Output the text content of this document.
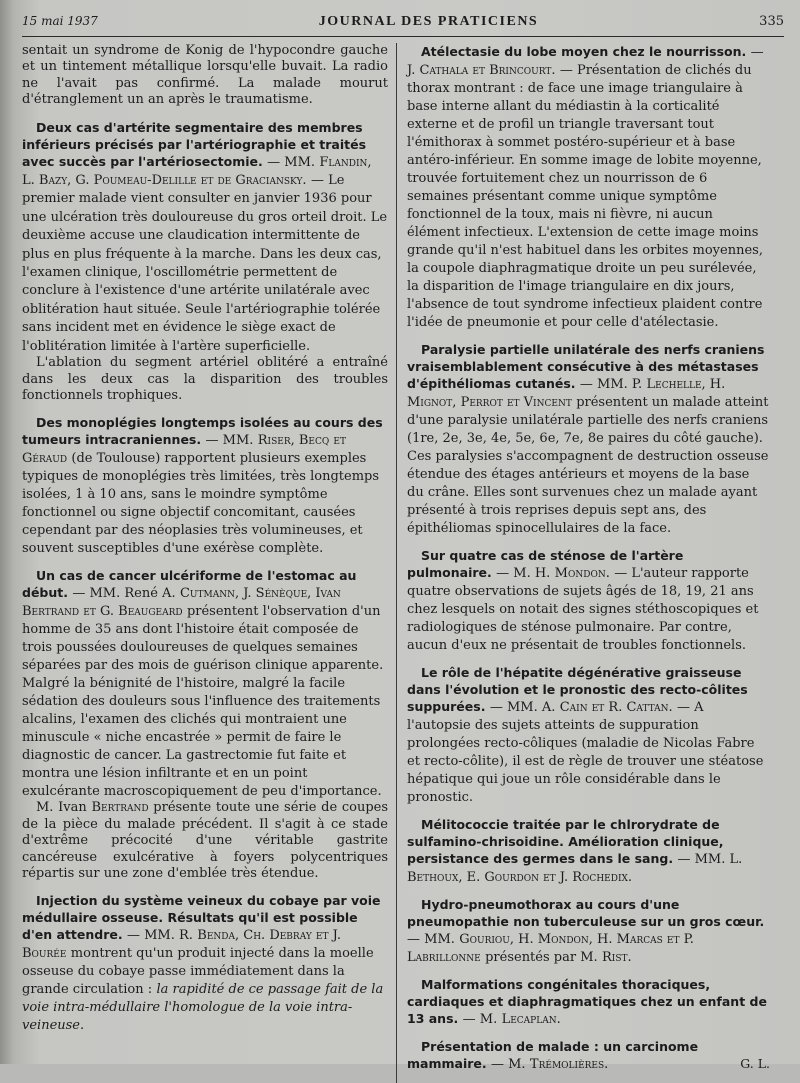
15 mai 1937	JOURNAL DES PRATICIENS	335

sentait un syndrome de Konig de l'hypocondre gauche et un tintement métallique lorsqu'elle buvait. La radio ne l'avait pas confirmé. La malade mourut d'étranglement un an après le traumatisme.

Deux cas d'artérite segmentaire des membres inférieurs précisés par l'artériographie et traités avec succès par l'artériosectomie. — MM. Flandin, L. Bazy, G. Poumeau-Delille et de Graciansky. — Le premier malade vient consulter en janvier 1936 pour une ulcération très douloureuse du gros orteil droit. Le deuxième accuse une claudication intermittente de plus en plus fréquente à la marche. Dans les deux cas, l'examen clinique, l'oscillométrie permettent de conclure à l'existence d'une artérite unilatérale avec oblitération haut située. Seule l'artériographie tolérée sans incident met en évidence le siège exact de l'oblitération limitée à l'artère superficielle.

L'ablation du segment artériel oblitéré a entraîné dans les deux cas la disparition des troubles fonctionnels trophiques.

Des monoplégies longtemps isolées au cours des tumeurs intracraniennes. — MM. Riser, Becq et Géraud (de Toulouse) rapportent plusieurs exemples typiques de monoplégies très limitées, très longtemps isolées, 1 à 10 ans, sans le moindre symptôme fonctionnel ou signe objectif concomitant, causées cependant par des néoplasies très volumineuses, et souvent susceptibles d'une exérèse complète.

Un cas de cancer ulcériforme de l'estomac au début. — MM. René A. Cutmann, J. Sénèque, Ivan Bertrand et G. Beaugeard présentent l'observation d'un homme de 35 ans dont l'histoire était composée de trois poussées douloureuses de quelques semaines séparées par des mois de guérison clinique apparente. Malgré la bénignité de l'histoire, malgré la facile sédation des douleurs sous l'influence des traitements alcalins, l'examen des clichés qui montraient une minuscule « niche encastrée » permit de faire le diagnostic de cancer. La gastrectomie fut faite et montra une lésion infiltrante et en un point exulcérante macroscopiquement de peu d'importance.

M. Ivan Bertrand présente toute une série de coupes de la pièce du malade précédent. Il s'agit à ce stade d'extrême précocité d'une véritable gastrite cancéreuse exulcérative à foyers polycentriques répartis sur une zone d'emblée très étendue.

Injection du système veineux du cobaye par voie médullaire osseuse. Résultats qu'il est possible d'en attendre. — MM. R. Benda, Ch. Debray et J. Bourée montrent qu'un produit injecté dans la moelle osseuse du cobaye passe immédiatement dans la grande circulation : la rapidité de ce passage fait de la voie intra-médullaire l'homologue de la voie intra-veineuse.

Atélectasie du lobe moyen chez le nourrisson. — J. Cathala et Brincourt. — Présentation de clichés du thorax montrant : de face une image triangulaire à base interne allant du médiastin à la corticalité externe et de profil un triangle traversant tout l'émithorax à sommet postéro-supérieur et à base antéro-inférieur. En somme image de lobite moyenne, trouvée fortuitement chez un nourrisson de 6 semaines présentant comme unique symptôme fonctionnel de la toux, mais ni fièvre, ni aucun élément infectieux. L'extension de cette image moins grande qu'il n'est habituel dans les orbites moyennes, la coupole diaphragmatique droite un peu surélevée, la disparition de l'image triangulaire en dix jours, l'absence de tout syndrome infectieux plaident contre l'idée de pneumonie et pour celle d'atélectasie.

Paralysie partielle unilatérale des nerfs craniens vraisemblablement consécutive à des métastases d'épithéliomas cutanés. — MM. P. Lechelle, H. Mignot, Perrot et Vincent présentent un malade atteint d'une paralysie unilatérale partielle des nerfs craniens (1re, 2e, 3e, 4e, 5e, 6e, 7e, 8e paires du côté gauche). Ces paralysies s'accompagnent de destruction osseuse étendue des étages antérieurs et moyens de la base du crâne. Elles sont survenues chez un malade ayant présenté à trois reprises depuis sept ans, des épithéliomas spinocellulaires de la face.

Sur quatre cas de sténose de l'artère pulmonaire. — M. H. Mondon. — L'auteur rapporte quatre observations de sujets âgés de 18, 19, 21 ans chez lesquels on notait des signes stéthoscopiques et radiologiques de sténose pulmonaire. Par contre, aucun d'eux ne présentait de troubles fonctionnels.

Le rôle de l'hépatite dégénérative graisseuse dans l'évolution et le pronostic des recto-côlites suppurées. — MM. A. Cain et R. Cattan. — A l'autopsie des sujets atteints de suppuration prolongées recto-côliques (maladie de Nicolas Fabre et recto-côlite), il est de règle de trouver une stéatose hépatique qui joue un rôle considérable dans le pronostic.

Mélitococcie traitée par le chlrorydrate de sulfamino-chrisoidine. Amélioration clinique, persistance des germes dans le sang. — MM. L. Bethoux, E. Gourdon et J. Rochedix.

Hydro-pneumothorax au cours d'une pneumopathie non tuberculeuse sur un gros cœur. — MM. Gouriou, H. Mondon, H. Marcas et P. Labrillonne présentés par M. Rist.

Malformations congénitales thoraciques, cardiaques et diaphragmatiques chez un enfant de 13 ans. — M. Lecaplan.

Présentation de malade : un carcinome mammaire. — M. Trémolières.	G. L.
